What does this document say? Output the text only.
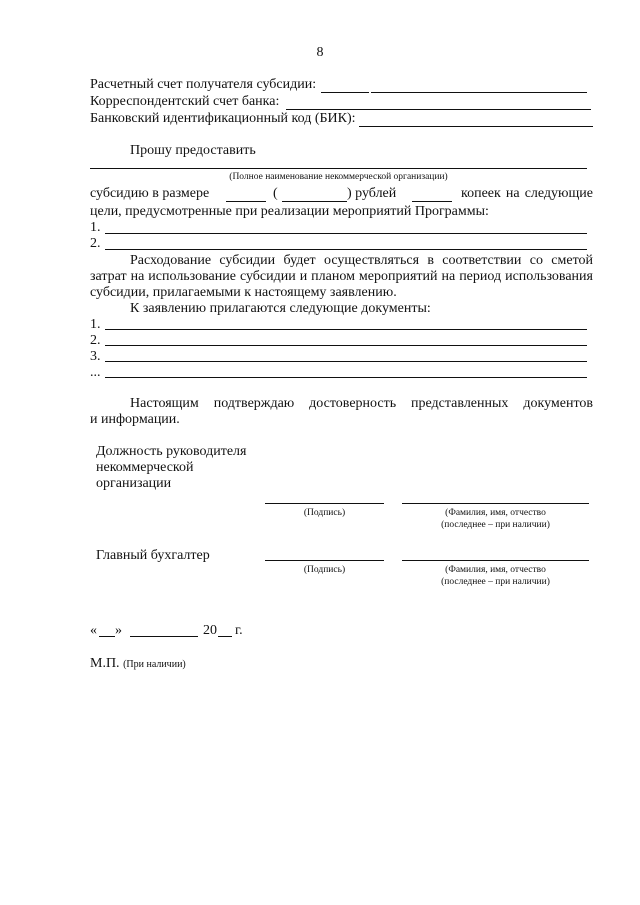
8
Расчетный счет получателя субсидии:
Корреспондентский счет банка:
Банковский идентификационный код (БИК):
Прошу предоставить
(Полное наименование некоммерческой организации)
субсидию в размере	(	) рублей	копеек на следующие
цели, предусмотренные при реализации мероприятий Программы:
1.
2.
Расходование субсидии будет осуществляться в соответствии со сметой
затрат на использование субсидии и планом мероприятий на период использования
субсидии, прилагаемыми к настоящему заявлению.
К заявлению прилагаются следующие документы:
1.
2.
3.
...
Настоящим подтверждаю достоверность представленных документов
и информации.
Должность руководителя
некоммерческой
организации
(Подпись)	(Фамилия, имя, отчество
(последнее – при наличии)
Главный бухгалтер
(Подпись)	(Фамилия, имя, отчество
(последнее – при наличии)
« »	20 г.
М.П. (При наличии)
